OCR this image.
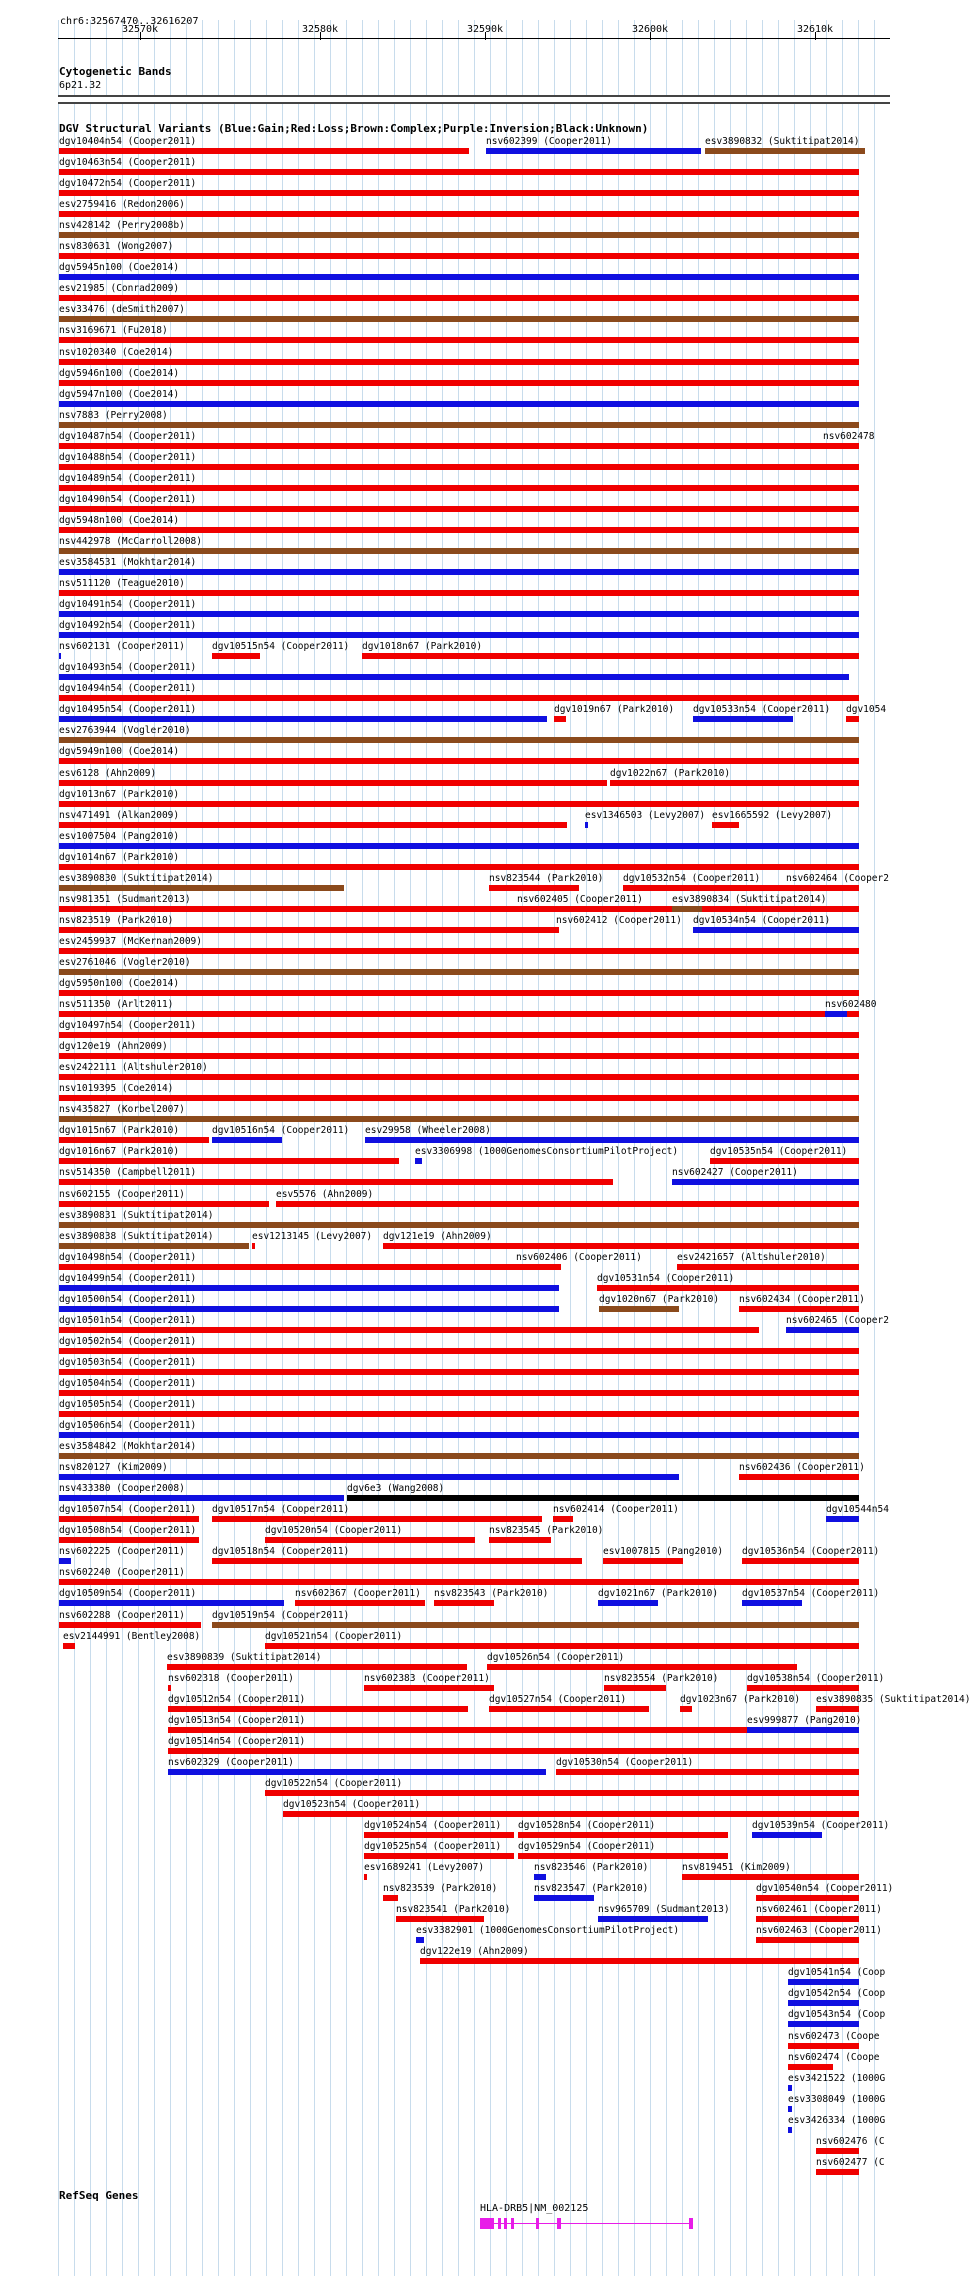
chr6:32567470..32616207
32570k	32580k	32590k	32600k	32610k
Cytogenetic Bands
6p21.32
DGV Structural Variants (Blue:Gain;Red:Loss;Brown:Complex;Purple:Inversion;Black:Unknown)
dgv10404n54 (Cooper2011)	nsv602399 (Cooper2011)	esv3890832 (Suktitipat2014)
dgv10463n54 (Cooper2011)
dgv10472n54 (Cooper2011)
esv2759416 (Redon2006)
nsv428142 (Perry2008b)
nsv830631 (Wong2007)
dgv5945n100 (Coe2014)
esv21985 (Conrad2009)
esv33476 (deSmith2007)
nsv3169671 (Fu2018)
nsv1020340 (Coe2014)
dgv5946n100 (Coe2014)
dgv5947n100 (Coe2014)
nsv7883 (Perry2008)
dgv10487n54 (Cooper2011)	nsv602478
dgv10488n54 (Cooper2011)
dgv10489n54 (Cooper2011)
dgv10490n54 (Cooper2011)
dgv5948n100 (Coe2014)
nsv442978 (McCarroll2008)
esv3584531 (Mokhtar2014)
nsv511120 (Teague2010)
dgv10491n54 (Cooper2011)
dgv10492n54 (Cooper2011)
nsv602131 (Cooper2011)	dgv10515n54 (Cooper2011) dgv1018n67 (Park2010)
dgv10493n54 (Cooper2011)
dgv10494n54 (Cooper2011)
dgv10495n54 (Cooper2011)	dgv1019n67 (Park2010) dgv10533n54 (Cooper2011) dgv1054
esv2763944 (Vogler2010)
dgv5949n100 (Coe2014)
esv6128 (Ahn2009)	dgv1022n67 (Park2010)
dgv1013n67 (Park2010)
nsv471491 (Alkan2009)	esv1346503 (Levy2007) esv1665592 (Levy2007)
esv1007504 (Pang2010)
dgv1014n67 (Park2010)
esv3890830 (Suktitipat2014)	nsv823544 (Park2010) dgv10532n54 (Cooper2011)	nsv602464 (Cooper2
nsv981351 (Sudmant2013)	nsv602405 (Cooper2011)	esv3890834 (Suktitipat2014)
nsv823519 (Park2010)	nsv602412 (Cooper2011) dgv10534n54 (Cooper2011)
esv2459937 (McKernan2009)
esv2761046 (Vogler2010)
dgv5950n100 (Coe2014)
nsv511350 (Arlt2011)	nsv602480
dgv10497n54 (Cooper2011)
dgv120e19 (Ahn2009)
esv2422111 (Altshuler2010)
nsv1019395 (Coe2014)
nsv435827 (Korbel2007)
dgv1015n67 (Park2010)	dgv10516n54 (Cooper2011) esv29958 (Wheeler2008)
dgv1016n67 (Park2010)	esv3306998 (1000GenomesConsortiumPilotProject)	dgv10535n54 (Cooper2011)
nsv514350 (Campbell2011)	nsv602427 (Cooper2011)
nsv602155 (Cooper2011)	esv5576 (Ahn2009)
esv3890831 (Suktitipat2014)
esv3890838 (Suktitipat2014)	esv1213145 (Levy2007) dgv121e19 (Ahn2009)
dgv10498n54 (Cooper2011)	nsv602406 (Cooper2011)	esv2421657 (Altshuler2010)
dgv10499n54 (Cooper2011)	dgv10531n54 (Cooper2011)
dgv10500n54 (Cooper2011)	dgv1020n67 (Park2010) nsv602434 (Cooper2011)
dgv10501n54 (Cooper2011)	nsv602465 (Cooper2
dgv10502n54 (Cooper2011)
dgv10503n54 (Cooper2011)
dgv10504n54 (Cooper2011)
dgv10505n54 (Cooper2011)
dgv10506n54 (Cooper2011)
esv3584842 (Mokhtar2014)
nsv820127 (Kim2009)	nsv602436 (Cooper2011)
nsv433380 (Cooper2008)	dgv6e3 (Wang2008)
dgv10507n54 (Cooper2011) dgv10517n54 (Cooper2011)	nsv602414 (Cooper2011)	dgv10544n54
dgv10508n54 (Cooper2011)	dgv10520n54 (Cooper2011)	nsv823545 (Park2010)
nsv602225 (Cooper2011)	dgv10518n54 (Cooper2011)	esv1007815 (Pang2010) dgv10536n54 (Cooper2011)
nsv602240 (Cooper2011)
dgv10509n54 (Cooper2011)	nsv602367 (Cooper2011) nsv823543 (Park2010)	dgv1021n67 (Park2010)	dgv10537n54 (Cooper2011)
nsv602288 (Cooper2011)	dgv10519n54 (Cooper2011)
esv2144991 (Bentley2008)	dgv10521n54 (Cooper2011)
esv3890839 (Suktitipat2014)	dgv10526n54 (Cooper2011)
nsv602318 (Cooper2011)	nsv602383 (Cooper2011)	nsv823554 (Park2010)	dgv10538n54 (Cooper2011)
dgv10512n54 (Cooper2011)	dgv10527n54 (Cooper2011)	dgv1023n67 (Park2010) esv3890835 (Suktitipat2014)
dgv10513n54 (Cooper2011)	esv999877 (Pang2010)
dgv10514n54 (Cooper2011)
nsv602329 (Cooper2011)	dgv10530n54 (Cooper2011)
dgv10522n54 (Cooper2011)
dgv10523n54 (Cooper2011)
dgv10524n54 (Cooper2011) dgv10528n54 (Cooper2011)	dgv10539n54 (Cooper2011)
dgv10525n54 (Cooper2011) dgv10529n54 (Cooper2011)
esv1689241 (Levy2007)	nsv823546 (Park2010)	nsv819451 (Kim2009)
nsv823539 (Park2010)	nsv823547 (Park2010)	dgv10540n54 (Cooper2011)
nsv823541 (Park2010)	nsv965709 (Sudmant2013)	nsv602461 (Cooper2011)
esv3382901 (1000GenomesConsortiumPilotProject)	nsv602463 (Cooper2011)
dgv122e19 (Ahn2009)
dgv10541n54 (Coop
dgv10542n54 (Coop
dgv10543n54 (Coop
nsv602473 (Coope
nsv602474 (Coope
esv3421522 (1000G
esv3308049 (1000G
esv3426334 (1000G
nsv602476 (C
nsv602477 (C
RefSeq Genes
HLA-DRB5|NM_002125
